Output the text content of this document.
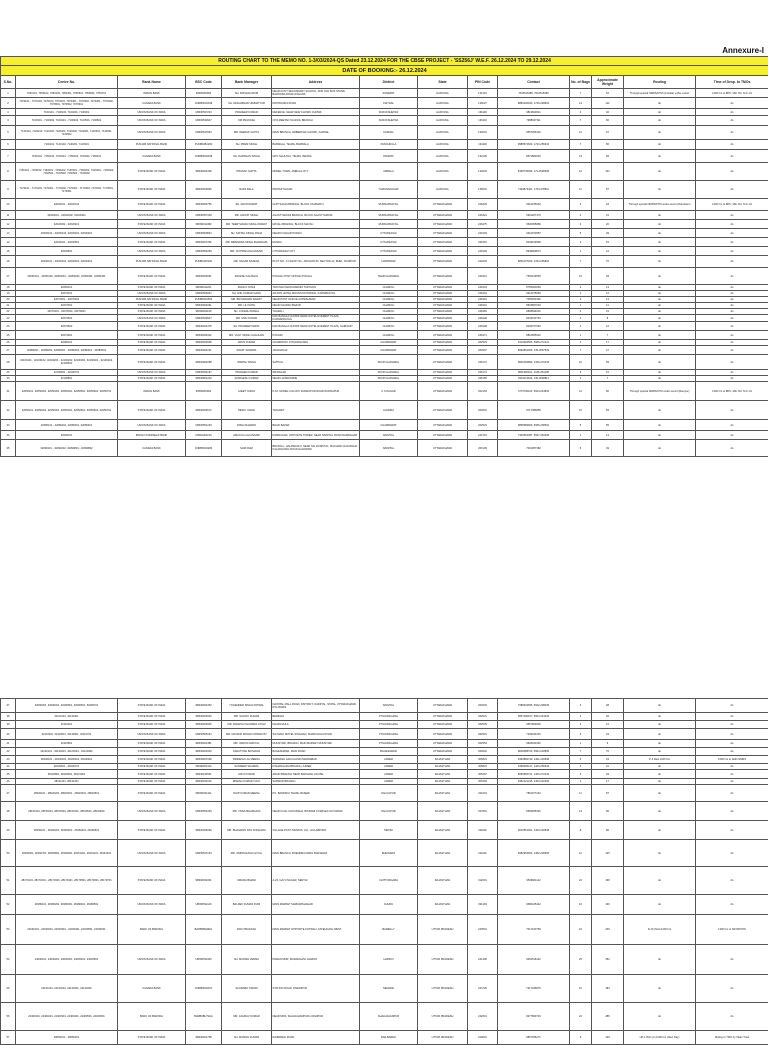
Annexure-I
ROUTING CHART TO THE MEMO NO. 1-3/03/2024-QS Dated 23.12.2024 FOR THE CBSE PROJECT - 'SS256J' W.E.F. 26.12.2024 TO 29.12.2024													
DATE OF BOOKING:- 26.12.2024													
S.No.	Centre No.	Bank Name	BSC Code	Bank Manager	Address	District	State	PIN Code	Contact	No. of Bags	Approximate Weight	Routing	Time of Desp. to TMOs
1	7050101, 7050102, 7050103, 7050401, 7050501, 7050601, 7051701	INDIAN BANK	IDIB000S002	SH. KRISHAN MOB	NEAR GOVT SECONDARY SCHOOL, AND OLD BUS STAND, BAROODA ROAD GOHANA	SONEPAT	HARYANA	131301	7015515486, 7015515489	7	62	Through special NMRS/KTM (Ambala) under escort	1200 hrs to BPC, Mkt. Rd. N.D.-01
2	7070101 - 7070102, 7070103, 7070201, 7070301 - 7070302, 7070401 - 7070402, 7070501, 7070502, 7070601	CANARA BANK	CNRB0002049	SH. MOHAMMAD HIMMATYAR	DWITRANKA ROAD	KAITHAL	HARYANA	136027	8882400940, 1746-228822	14	112	do	do
3	7100101 - 7100102, 7100201, 7100301	UNION BANK OF INDIA	UBIN0537233	PRADEEP KUMAR	DEFENCE, NEAR NEW CHOWK CHOWK	KURUKSHETRA	HARYANA	136118	9813600041	4	46	do	do
4	7100301 - 7100302, 7100401 - 7100402, 7100501, 7100601	UNION BANK OF INDIA	UBIN0533947	OM PRAKASH	CITA MEETAN SCHOOL BRANCH	KURUKSHETRA	HARYANA	136119	7988047311	7	66	do	do
5	7120101, 7120102, 7120103, 7120201, 7120202, 7120301, 7120401, 7120501, 7120502	UNION BANK OF INDIA	UBIN0537993	MR. DEEPAK GUPTA	MAIN BRANCH, AMBEDKAR CHOWK, KARNAL	KARNAL	HARYANA	132001	9557366316	12	97	do	do
6	7140101, 7140102, 7140201, 7140301	PUNJAB NATIONAL BANK	PUNB0481200	SH. PREM SINGH	BARWALA, TEHSIL BARWALA	PANCHKULA	HARYANA	134118	9988574660, 1733-256316	7	86	do	do
7	7150101 - 7150102, 7150201 - 7150202, 7150301, 7150401	CANARA BANK	CNRB0002048	SH. DARSHAN SINGH	GPO NAULTHA, TEHSIL ISRANA	PANIPAT	HARYANA	132145	8572882045	13	84	do	do
8	7160101 - 7160102, 7160201 - 7160202, 7160301 - 7160302, 7160401 - 7160402, 7160501 - 7160502, 7160601 - 7160602	STATE BANK OF INDIA	SBIN0002428	PRANAV GUPTA	MODEL TOWN, AMBALA CITY	AMBALA	HARYANA	134003	8168735093, 171-2528408	12	101	do	do
9	7170101 - 7170102, 7170201 - 7170202, 7170301 - 7170302, 7170401, 7170501, 7170601	STATE BANK OF INDIA	SBIN0000890	RAINI BALA	PRATAP NAGAR	YAMUNANAGAR	HARYANA	135001	7494873421, 1733-278811	11	87	do	do
10	32020101 - 32020102	STATE BANK OF INDIA	SBIN0000756	SH. ARUN RAWAT	GUPTKASHI BRANCH, BLOCK UKHIMATH	RUDRAPRAYAG	UTTARAKHAND	246439	9410155062	2	18	Through special NMRS/KTM under escort (Dehradun)	1200 hrs to BPC, Mkt. Rd. N.D.-01
11	32020201 - 32020202, 32020301	UNION BANK OF INDIA	UBIN0557348	MR. ANOOP SINGH	AGASTYAMUNI BRANCH, BLOCK AGASTYAMUNI	RUDRAPRAYAG	UTTARAKHAND	246421	6901207479	4	31	do	do
12	32020302 - 32020401	STATE BANK OF INDIA	SBIN0011382	MR. TEERTHAVAN SINGH RAWAT	MAYALI BRANCH, BLOCK MAYALI	RUDRAPRAYAG	UTTARAKHAND	246475	9520955889	2	20	do	do
13	32030101 - 32030102, 32030201, 32030301	UNION BANK OF INDIA	UBIN0560832	SH. SATPAL SINGH RANA	NEHRU NAGAR PURAN	UTTARKASHI	UTTARAKHAND	249193	9410972887	5	39	do	do
14	32030401 - 32030501	STATE BANK OF INDIA	SBIN0007256	MR. BIRENDRA SINGH BHANDARI	DUNDA	UTTARKASHI	UTTARAKHAND	249151	8439169999	2	15	do	do
15	32030601	UNION BANK OF INDIA	UBIN0554059	MR. JAYPRAKASH ANSARI	UTTARKASHI CITY	UTTARKASHI	UTTARAKHAND	249193	8949909873	1	10	do	do
16	32040101 - 32040201, 32040301, 32040401	PUNJAB NATIONAL BANK	PUNB0115100	MR. SAGAR SAXENA	PLOT NO.- 11 SHOP NO.- ANCHOR 60, SECTOR-12, BHEL, RANIPUR	HARIDWAR	UTTARAKHAND	249403	8826137209, 1334-255802	7	70	do	do
17	32050101 - 32050102, 32050201 - 32050202, 32050301, 32050401	STATE BANK OF INDIA	SBIN0000651	RAKESH KAUSHAL	POKHAL POST OFFICE POKHAL	TEHRI GARHWAL	UTTARAKHAND	249161	7500169555	15	93	do	do
18	32060101	STATE BANK OF INDIA	SBIN0011201	MANOJ JOSHI	TAPOVAN MAIN MARKET TAPOVAN	CHAMOLI	UTTARAKHAND	246443	8755000283	2	13	do	do
19	32070101	UNION BANK OF INDIA	UBIN0566061	SH. ANIL KUMAR GARG	ADJOIN HOTEL MOUNTAIN PRINCE, KARNPRAYAG	CHAMOLI	UTTARAKHAND	246444	9412075663	1	12	do	do
20	32070201 - 32070202	PUNJAB NATIONAL BANK	PUNB0404500	MR. BIPUDAMAN RAWAT	NEAR POST OFFICE GOPESHWAR	CHAMOLI	UTTARAKHAND	246401	7055451990	2	13	do	do
21	32070301	STATE BANK OF INDIA	SBIN0002061	MR. LILI NATH	NEAR CHARAN BAZAR	CHAMOLI	UTTARAKHAND	246401	8533807633	1	11	do	do
22	32070401 - 32070501, 32070601	STATE BANK OF INDIA	SBIN0001169	SH. LOKESH RAWAL	THARALI	CHAMOLI	UTTARAKHAND	246481	9808834601	3	31	do	do
23	32070601	UNION BANK OF INDIA	UBIN0530647	MR. ANIL KUMAR	DAK BANGLA CHOWK NEAR HOTEL EVEREST PLAZA, KARNAPRAYAG	CHAMOLI	UTTARAKHAND	246428	8433703764	1	8	do	do
24	32070602	STATE BANK OF INDIA	SBIN0000478	SH. PRADEEP KEPAL	DAK BANGLA CHOWK NEAR HOTEL EVEREST PLAZA, GAIRSAIN	CHAMOLI	UTTARAKHAND	246428	8439707994	1	12	do	do
25	32070901	STATE BANK OF INDIA	SBIN0009322	MR. VIJAY SINGH CHAUHAN	POKHRI	CHAMOLI	UTTARAKHAND	246471	8810855910	1	7	do	do
26	32080101	STATE BANK OF INDIA	SBIN0000568	ARUN KUMAR	CHAMPAVAT, PITHORAGARH	CHAMPAWAT	UTTARAKHAND	262523	9410994565, 5965-272221	1	17	do	do
27	32080201 - 32080202, 32080301 - 32080302, 32080401 - 32080501	STATE BANK OF INDIA	SBIN0004221	RAVAT SHARMA	JANAGRAHI	CHAMPAWAT	UTTARAKHAND	262907	8692891006, 135-2697529	7	47	do	do
28	32100101 - 32100102, 32100201 - 32100202, 32100301, 32100401 - 32100402, 32100501	STATE BANK OF INDIA	SBIN0000288	INDIPAL SINGH	SATPULI	PAURI GARHWAL	UTTARAKHAND	246172	9826160890, 1336-270218	10	59	do	do
29	32100601 - 32100701	UNION BANK OF INDIA	UBIN0534197	PRAVEEN KUMAR	SRINAGAR	PAURI GARHWAL	UTTARAKHAND	246174	9811990041, 1346-251205	3	21	do	do
30	32100801	STATE BANK OF INDIA	SBIN0001203	AVADHESH KUMAR	NEAR LANSDOWNE	PAURI GARHWAL	UTTARAKHAND	246155	9411016643, 135-2638811	1	7	do	do
31	32050101, 32050201, 32050301, 32050401, 32050501, 32050601, 32050701	INDIAN BANK	IDIB000S002	AJEET YADAV	P-10, MODEL COLONY RUDRAPUR ROAD RUDRAPUR	U S NAGAR	UTTARAKHAND	263153	7275730102, 5944-244832	12	96	Through special NMRS/KTM under escort (Rampur)	1200 hrs to BPC, Mkt. Rd. N.D.-01
32	32050101, 32050201, 32050301, 32050401, 32050501, 32050601, 32050701	STATE BANK OF INDIA	SBIN0000572	NIDHU YADAV	TAKHRET	ALMORA	UTTARAKHAND	263601	9717486855	16	84	do	do
33	32080101 - 32080201, 32080301, 32080401	UNION BANK OF INDIA	UBIN0551249	RISHI DHAWAN	BHGD BAZAR	CHAMPAWAT	UTTARAKHAND	262523	9868989960, 5965-238691	5	55	do	do
34	32090101	INDIAN OVERSEAS BANK	IOBA0002216	AMAN ULLAH ANSARI	RAMNAGAR, OPPOSITE TOWER, NEAR NAINITAL ROAD RAMNAGAR	NAINITAL	UTTARAKHAND	244715	7300664387, 5947-253408	1	13	do	do
35	32090201 - 32090202, 32090801 - 32090802	CANARA BANK	CNRB0002284	SHRI RAM	BRANCH - HALDWANI-II, NEAR SAI HOSPITAL, MUKHANI CHAURAHA KALADHUNGI ROAD HALDWANI	NAINITAL	UTTARAKHAND	263139	7001957382	5	49	do	do
37	32090301, 32090401, 32090501, 32090601, 32090701	STATE BANK OF INDIA	SBIN0002352	YOGENDER SINGH PATWAL	NAINITAL MALL ROAD, DISTRICT- NAINITAL, STATE- UTTARAKHAND PIN 263002	NAINITAL	UTTARAKHAND	263002	7088304695, 5942-228036	3	28	do	do
38	32110101, 32110401	STATE BANK OF INDIA	SBIN0002503	MR. SANJAY KUMAR	BERINAG	PITHORAGARH	UTTARAKHAND	262531	9557490167, 5964-244618	2	25	do	do
39	32110201	STATE BANK OF INDIA	SBIN0002505	MR. RAKESH CHANDRA JOSHI	DHARCHULA	PITHORAGARH	UTTARAKHAND	262545	9557809900	2	21	do	do
40	32110301, 32110501, 32110601, 32110701	UNION BANK OF INDIA	UBIN0565161	MR. MAYANK MOHAN UPADHYAY	SILTHAM, MOTEL SINGHAN, DHARCHULA ROAD	PITHORAGARH	UTTARAKHAND	262501	7409433415	5	43	do	do
41	32110801	STATE BANK OF INDIA	SBIN0001481	MR. VARUN DARIYAL	MUNSYARI, BRANCH: MAIN MARKET MUNSYARI	PITHORAGARH	UTTARAKHAND	262554	9528323446	1	9	do	do
42	32120101 - 32120201, 32120301 - 32120302	STATE BANK OF INDIA	SBIN0001603	ASHUTOSH BATHAUR	BAGESHWAR, MAIN ROAD	BAGESHWAR	UTTARAKHAND	263642	9818488700, 5963-220805	7	70	do	do
43	28130101 - 28130201, 28130301, 28130401	STATE BANK OF INDIA	SBIN0007028	BRIDESH LAL MEENA	SUBHASH GANJ HANDI MADRABAD	AJMER	RAJASTHAN	305801	9460882749, 1491-220838	6	43	P-3 Rest 1100 hrs	1500 hrs to Delhi NMRS
44	28130601 - 28130701	STATE BANK OF INDIA	SBIN0003119	SANDEEP SHARMA	KISHANGARH BRANCH, AJMER	AJMER	RAJASTHAN	305801	9468305417, 1463-256643	3	31	do	do
45	28130801, 28130901, 28131001	STATE BANK OF INDIA	SBIN0010561	ANUJ KUMAR	ARAIN BRANCH NEAR BADSHAH HOUSE	AJMER	RAJASTHAN	305407	8690965721, 1463-272244	3	29	do	do
46	28131101, 28131201	STATE BANK OF INDIA	SBIN0031016	DINESH KUMAR VIJAY	SARWAR BRANCH	AJMER	RAJASTHAN	305403	9352121215, 1463-222493	2	17	do	do
47	28020101 - 28020201, 28020301 - 28020401, 28020501	STATE BANK OF INDIA	SBIN0031411	DILIP KUMAR MEENA	PO. BANDIKUI TEHSIL BASERI	DHAULPUR	RAJASTHAN	321001	7891977242	11	87	do	do
48	28150101, 28150201, 28150301, 28150401, 28150501, 28150601	UNION BANK OF INDIA	UBIN0554435	MR. VIVEK BHARGAVA	NEAR GOAL CHOURAHA, BIKRAMI COMPLEX NAI MANDI	DHAULPUR	RAJASTHAN	327801	8669955345	14	96	do	do
49	28160101 - 28160201, 28160301 - 28160401, 28160501	STATE BANK OF INDIA	SBIN0009099	MR. BHAGWAN DAS SONGARA	VILLAGE POST: MUNDIA, VIA - GULABPURA	SIROHI	RAJASTHAN	311602	9610561001, 1463-220848	8	86	do	do
50	28160601, 28160701, 28160801, 28160901, 28161001, 28161101, 28161201	UNION BANK OF INDIA	UBIN0537163	MR. OMPRAKASH GOYAL	MAIN BRANCH, BIJENDRA MARG BHILWARA	BHILWARA	RAJASTHAN	311001	9982953663, 1482-228605	12	125	do	do
51	28170101, 28170201 - 28170301, 28170401, 28170501, 28170601, 28170701	STATE BANK OF INDIA	SBIN0031001	UMANG BIHANI	A-23, GAYU NAGAR, SENTHI	CHITTORGARH	RAJASTHAN	312001	9549901122	22	168	do	do
52	28180101, 28180201, 28180301, 28180401, 28180501	UNION BANK OF INDIA	UBIN0531140	BALDEV KUMAR DUDI	MAIN MARKET SARDARSHAHAR	CHURU	RAJASTHAN	331403	9680425442	16	136	do	do
53	24030101 - 24030201, 24030301 - 24030401, 24030501, 24030601	BANK OF BARODA	BARB0BAREIL	RAVI PRAKASH	MAIN MARKET OPPOSITE KOTWALI, FATEHGANJ WEST	BAREILLY	UTTAR PRADESH	243501	7017160759	19	209	D-16 (Ncal 1200 hrs	1300 hrs to ND RDTMO
54	24030101, 24030201, 24030301, 24030401, 24030501	UNION BANK OF INDIA	UBIN0531180	SH. MANISH VERMA	PAWAN MOR, MURADGANJ HARDOI	HARDOI	UTTAR PRADESH	241406	9452516442	25	352	do	do
55	24130101, 24130201, 24130301, 24130401	CANARA BANK	CNRB0002157	SAURABH TIWARI	STATION ROAD, DIWANPUR	SENGDE	UTTAR PRADESH	244725	7217946870	10	183	do	do
56	24460101, 24460201, 24460301, 24460401, 24460501, 24460601	BANK OF BARODA	BARB0BLYSHA	MR. GAURAV KUMAR	NEAR MDS, SHAHJAHANPUR LODHIPUR	SHAHJAHANPUR	UTTAR PRADESH	242001	8477809733	22	285	do	do
57	28050101 - 28050201	STATE BANK OF INDIA	SBIN0001798	SH. MANISH KUMAR	RAIBARELI ROAD	RAE BARELI	UTTAR PRADESH	229001	9807355271	9	129	UP-1 Dsf/ (on 1200 hrs (Next Day)	Dialing to TMO by Vikas Treat
